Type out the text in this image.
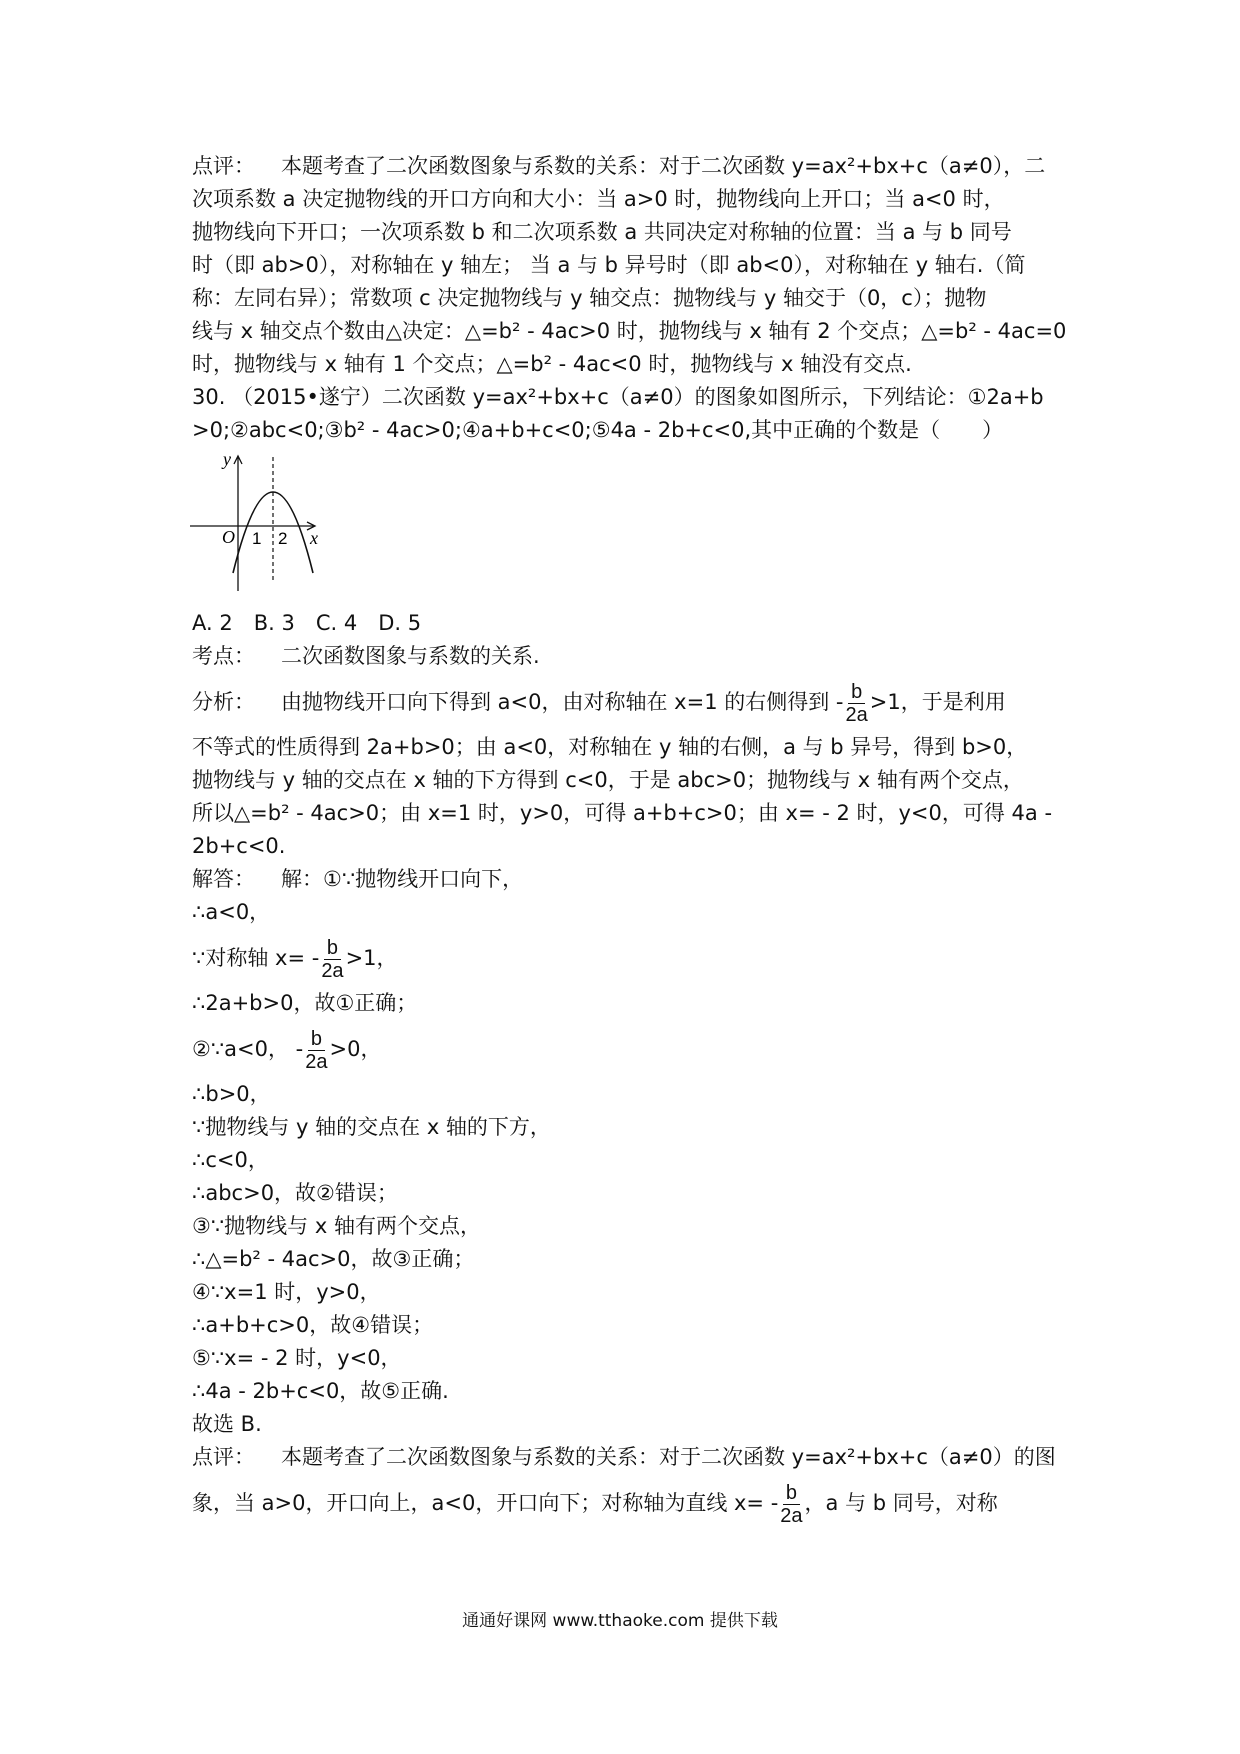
点评： 本题考查了二次函数图象与系数的关系：对于二次函数 y=ax²+bx+c（a≠0），二
次项系数 a 决定抛物线的开口方向和大小：当 a>0 时，抛物线向上开口；当 a<0 时，
抛物线向下开口；一次项系数 b 和二次项系数 a 共同决定对称轴的位置：当 a 与 b 同号
时（即 ab>0），对称轴在 y 轴左； 当 a 与 b 异号时（即 ab<0），对称轴在 y 轴右.（简
称：左同右异）；常数项 c 决定抛物线与 y 轴交点：抛物线与 y 轴交于（0，c）；抛物
线与 x 轴交点个数由△决定：△=b² - 4ac>0 时，抛物线与 x 轴有 2 个交点；△=b² - 4ac=0
时，抛物线与 x 轴有 1 个交点；△=b² - 4ac<0 时，抛物线与 x 轴没有交点.
30. （2015•遂宁）二次函数 y=ax²+bx+c（a≠0）的图象如图所示，下列结论：①2a+b
>0;②abc<0;③b² - 4ac>0;④a+b+c<0;⑤4a - 2b+c<0,其中正确的个数是（　　）
y
O 1 2 x
A. 2　B. 3　C. 4　D. 5
考点： 二次函数图象与系数的关系.
分析： 由抛物线开口向下得到 a<0，由对称轴在 x=1 的右侧得到 - $\frac{b}{2a} >1$，于是利用
不等式的性质得到 2a+b>0；由 a<0，对称轴在 y 轴的右侧，a 与 b 异号，得到 b>0，
抛物线与 y 轴的交点在 x 轴的下方得到 c<0，于是 abc>0；抛物线与 x 轴有两个交点，
所以△=b² - 4ac>0；由 x=1 时，y>0，可得 a+b+c>0；由 x= - 2 时，y<0，可得 4a -
2b+c<0.
解答： 解：①∵抛物线开口向下，
∴a<0，
∵对称轴 $x= - \frac{b}{2a} >1$，
∴2a+b>0，故①正确；
②∵a<0， - $\frac{b}{2a} >0$，
∴b>0，
∵抛物线与 y 轴的交点在 x 轴的下方，
∴c<0，
∴abc>0，故②错误；
③∵抛物线与 x 轴有两个交点，
∴△=b² - 4ac>0，故③正确；
④∵x=1 时，y>0，
∴a+b+c>0，故④错误；
⑤∵x= - 2 时，y<0，
∴4a - 2b+c<0，故⑤正确.
故选 B.
点评： 本题考查了二次函数图象与系数的关系：对于二次函数 y=ax²+bx+c（a≠0）的图
象，当 a>0，开口向上，a<0，开口向下；对称轴为直线 $x= - \frac{b}{2a}$ ，a 与 b 同号，对称
通通好课网 www.tthaoke.com 提供下载
